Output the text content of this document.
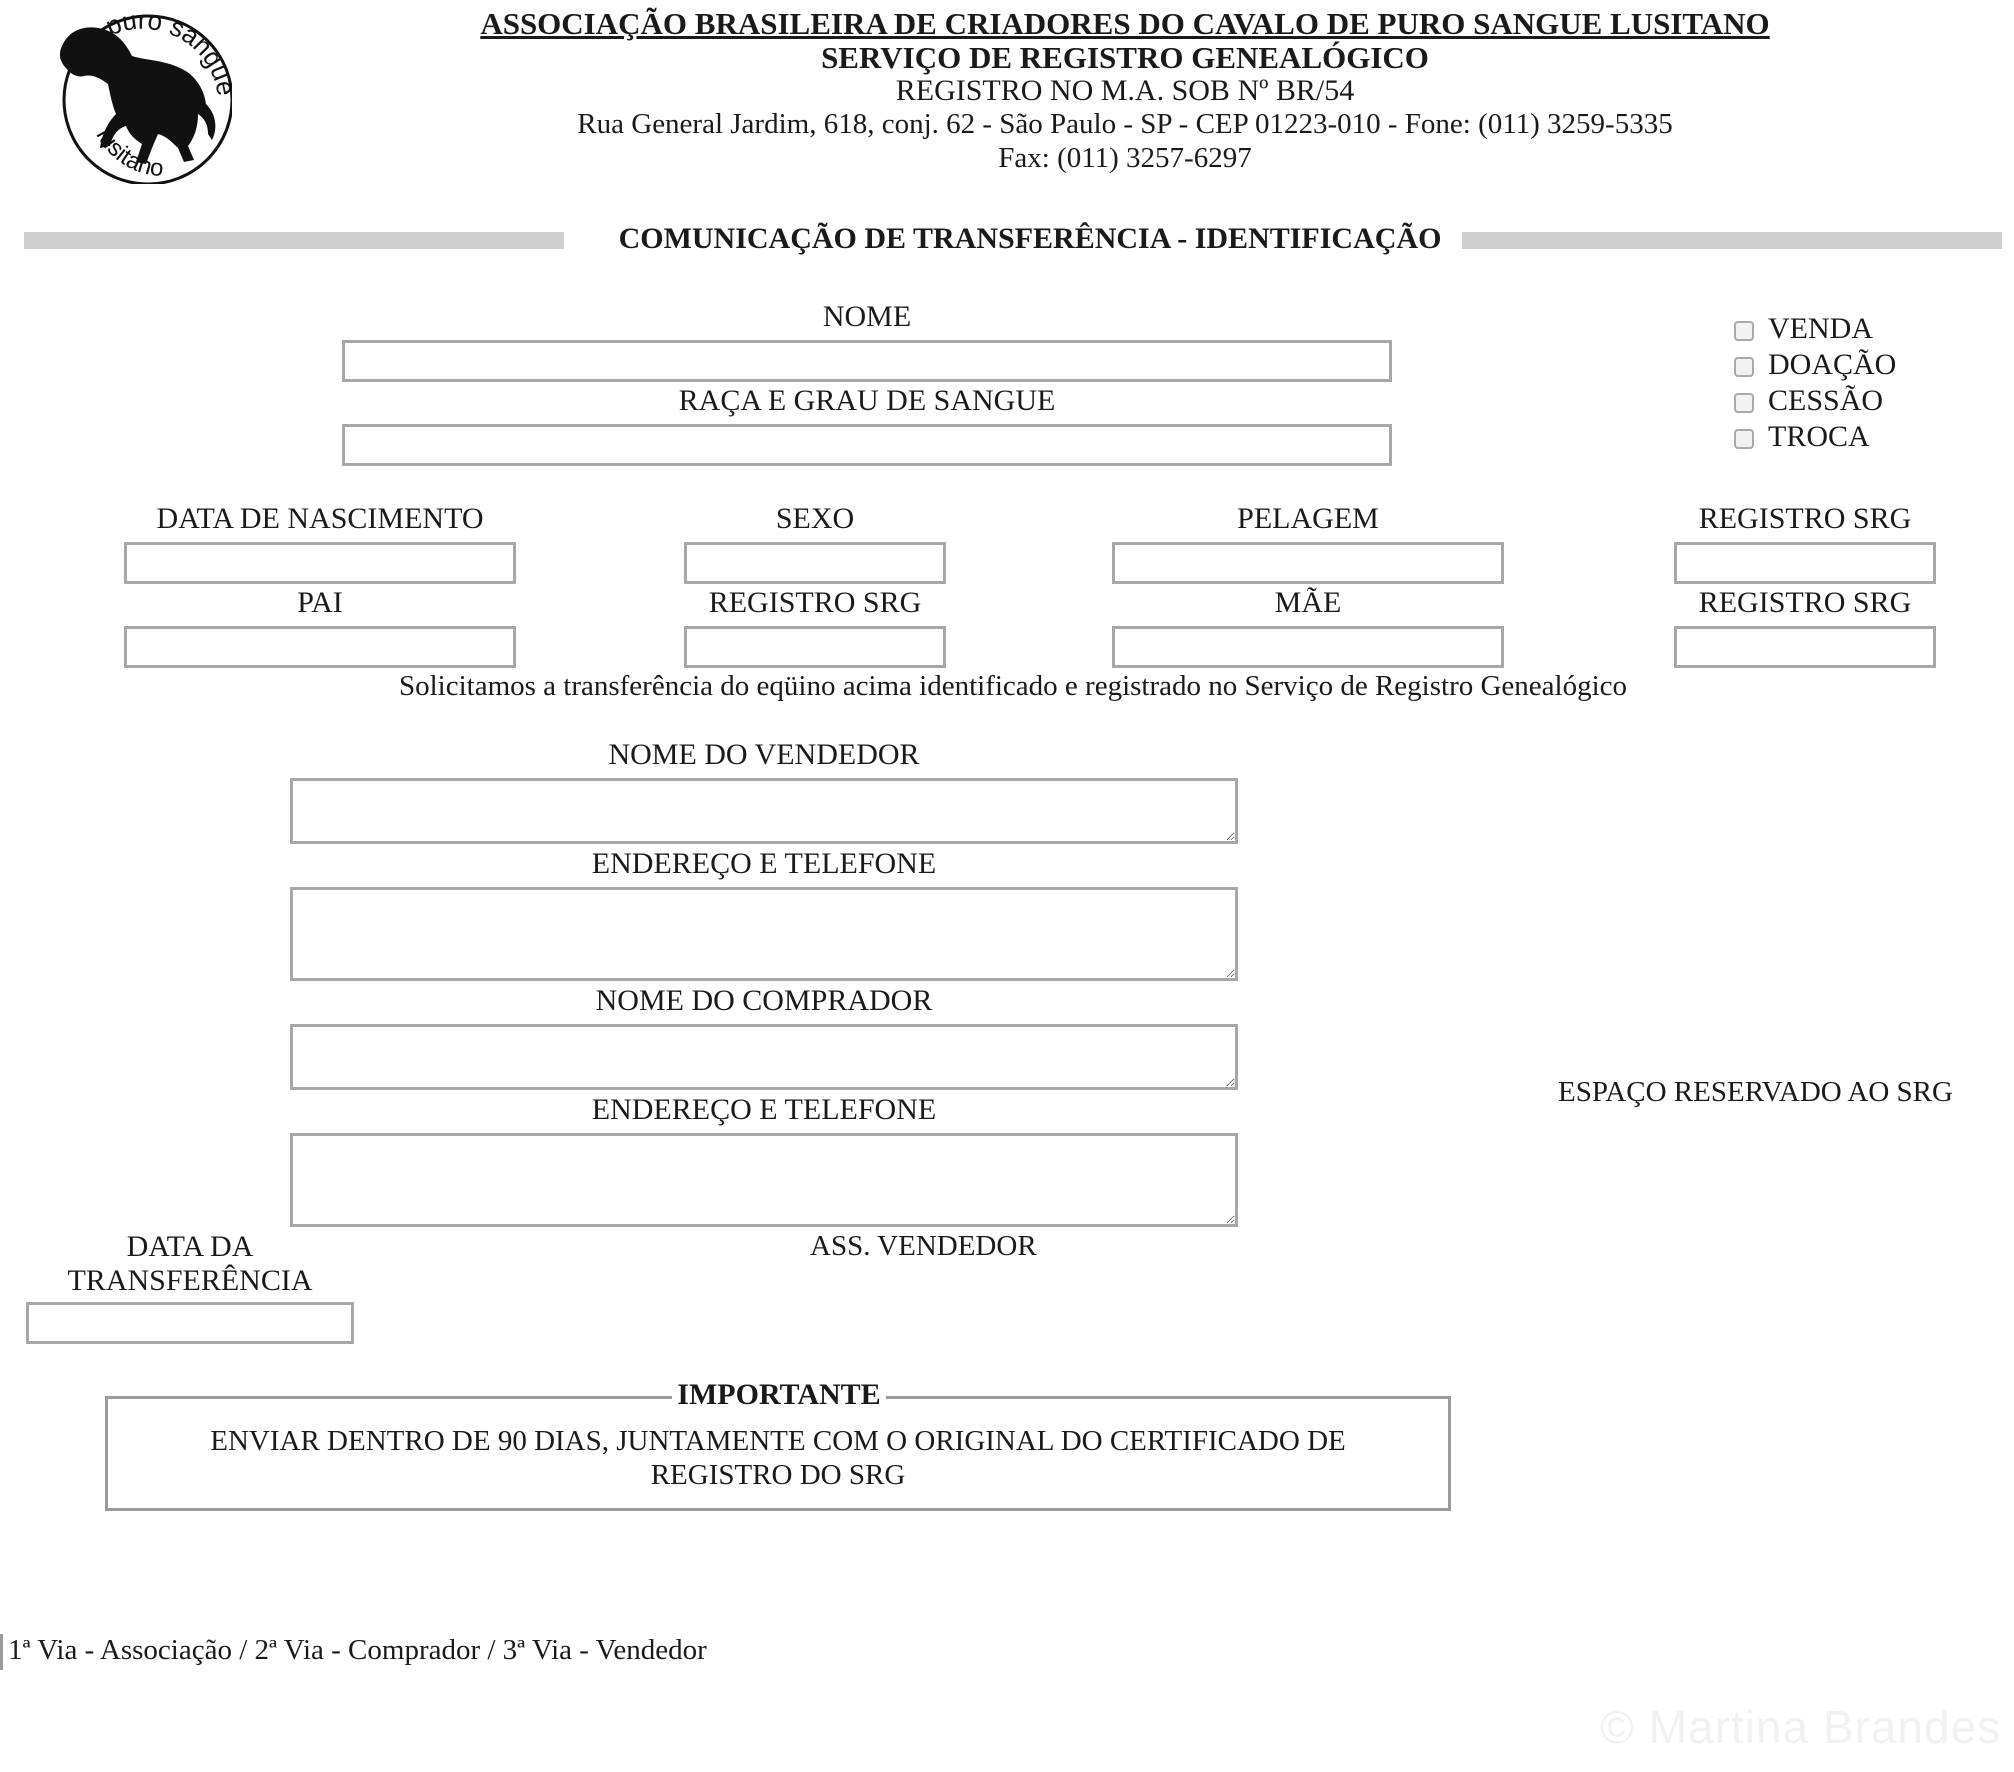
puro sang
lusitano
ASSOCIAÇÃO BRASILEIRA DE CRIADORES DO CAVALO DE PURO SANGUE LUSITANO
SERVIÇO DE REGISTRO GENEALÓGICO
REGISTRO NO M.A. SOB Nº BR/54
Rua General Jardim, 618, conj. 62 - São Paulo - SP - CEP 01223-010 - Fone: (011) 3259-5335
Fax: (011) 3257-6297
COMUNICAÇÃO DE TRANSFERÊNCIA - IDENTIFICAÇÃO
NOME
RAÇA E GRAU DE SANGUE
VENDA
DOAÇÃO
CESSÃO
TROCA
DATA DE NASCIMENTO	SEXO	PELAGEM	REGISTRO SRG
PAI	REGISTRO SRG	MÃE	REGISTRO SRG
Solicitamos a transferência do eqüino acima identificado e registrado no Serviço de Registro Genealógico
NOME DO VENDEDOR
ENDEREÇO E TELEFONE
NOME DO COMPRADOR
ENDEREÇO E TELEFONE
ESPAÇO RESERVADO AO SRG
DATA DA
TRANSFERÊNCIA
ASS. VENDEDOR
IMPORTANTE
ENVIAR DENTRO DE 90 DIAS, JUNTAMENTE COM O ORIGINAL DO CERTIFICADO DE
REGISTRO DO SRG
1ª Via - Associação / 2ª Via - Comprador / 3ª Via - Vendedor
© Martina Brandes
